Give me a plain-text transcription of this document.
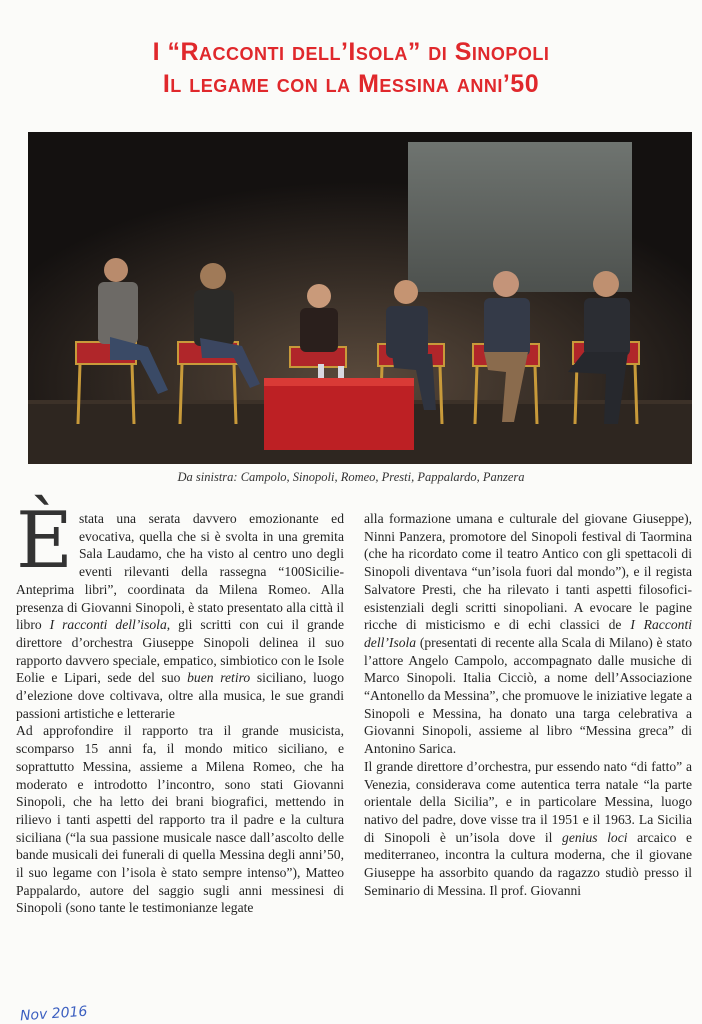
I “Racconti dell’Isola” di Sinopoli
Il legame con la Messina anni’50
Da sinistra: Campolo, Sinopoli, Romeo, Presti, Pappalardo, Panzera

Èstata una serata davvero emozionante ed evocativa, quella che si è svolta in una gremita Sala Laudamo, che ha visto al centro uno degli eventi rilevanti della rassegna “100Sicilie-Anteprima libri”, coordinata da Milena Romeo. Alla presenza di Giovanni Sinopoli, è stato presentato alla città il libro I racconti dell’isola, gli scritti con cui il grande direttore d’orchestra Giuseppe Sinopoli delinea il suo rapporto davvero speciale, empatico, simbiotico con le Isole Eolie e Lipari, sede del suo buen retiro siciliano, luogo d’elezione dove coltivava, oltre alla musica, le sue grandi passioni artistiche e letterarie

Ad approfondire il rapporto tra il grande musicista, scomparso 15 anni fa, il mondo mitico siciliano, e soprattutto Messina, assieme a Milena Romeo, che ha moderato e introdotto l’incontro, sono stati Giovanni Sinopoli, che ha letto dei brani biografici, mettendo in rilievo i tanti aspetti del rapporto tra il padre e la cultura siciliana (“la sua passione musicale nasce dall’ascolto delle bande musicali dei funerali di quella Messina degli anni’50, il suo legame con l’isola è stato sempre intenso”), Matteo Pappalardo, autore del saggio sugli anni messinesi di Sinopoli (sono tante le testimonianze legate

alla formazione umana e culturale del giovane Giuseppe), Ninni Panzera, promotore del Sinopoli festival di Taormina (che ha ricordato come il teatro Antico con gli spettacoli di Sinopoli diventava “un’isola fuori dal mondo”), e il regista Salvatore Presti, che ha rilevato i tanti aspetti filosofici-esistenziali degli scritti sinopoliani. A evocare le pagine ricche di misticismo e di echi classici de I Racconti dell’Isola (presentati di recente alla Scala di Milano) è stato l’attore Angelo Campolo, accompagnato dalle musiche di Marco Sinopoli. Italia Cicciò, a nome dell’Associazione “Antonello da Messina”, che promuove le iniziative legate a Sinopoli e Messina, ha donato una targa celebrativa a Giovanni Sinopoli, assieme al libro “Messina greca” di Antonino Sarica.

Il grande direttore d’orchestra, pur essendo nato “di fatto” a Venezia, considerava come autentica terra natale “la parte orientale della Sicilia”, e in particolare Messina, luogo nativo del padre, dove visse tra il 1951 e il 1963. La Sicilia di Sinopoli è un’isola dove il genius loci arcaico e mediterraneo, incontra la cultura moderna, che il giovane Giuseppe ha assorbito quando da ragazzo studiò presso il Seminario di Messina. Il prof. Giovanni

Nov 2016
